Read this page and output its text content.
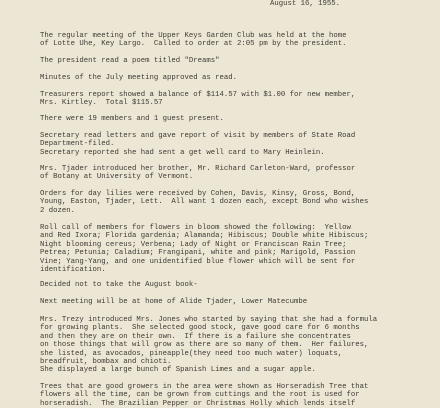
August 16, 1955.
The regular meeting of the Upper Keys Garden Club was held at the home
of Lotte Uhe, Key Largo.  Called to order at 2:05 pm by the president.
The president read a poem titled "Dreams"
Minutes of the July meeting approved as read.
Treasurers report showed a balance of $114.57 with $1.00 for new member,
Mrs. Kirtley.  Total $115.57
There were 19 members and 1 guest present.
Secretary read letters and gave report of visit by members of State Road
Department-filed.
Secretary reported she had sent a get well card to Mary Heinlein.
Mrs. Tjader introduced her brother, Mr. Richard Carleton-Ward, professor
of Botany at University of Vermont.
Orders for day lilies were received by Cohen, Davis, Kinsy, Gross, Bond,
Young, Easton, Tjader, Lett.  All want 1 dozen each, except Bond who wishes
2 dozen.
Roll call of members for flowers in bloom showed the following:  Yellow
and Red Ixora; Florida gardenia; Alamanda; Hibiscus; Double white Hibiscus;
Night blooming cereus; Verbena; Lady of Night or Franciscan Rain Tree;
Petrea; Petunia; Caladium; Frangipani, white and pink; Marigold, Passion
Vine; Yang-Yang, and one unidentified blue flower which will be sent for
identification.
Decided not to take the August book-
Next meeting will be at home of Alide Tjader, Lower Matecumbe
Mrs. Trezy introduced Mrs. Jones who started by saying that she had a formula
for growing plants.  She selected good stock, gave good care for 6 months
and then they are on their own.  If there is a failure she concentrates
on those things that will grow as there are so many of them.  Her failures,
she listed, as avocados, pineapple(they need too much water) loquats,
breadfruit, bombax and chioti.
She displayed a large bunch of Spanish Limes and a sugar apple.
Trees that are good growers in the area were shown as Horseradish Tree that
flowers all the time, can be grown from cuttings and the root is used for
horseradish.  The Brazilian Pepper or Christmas Holly which lends itself
